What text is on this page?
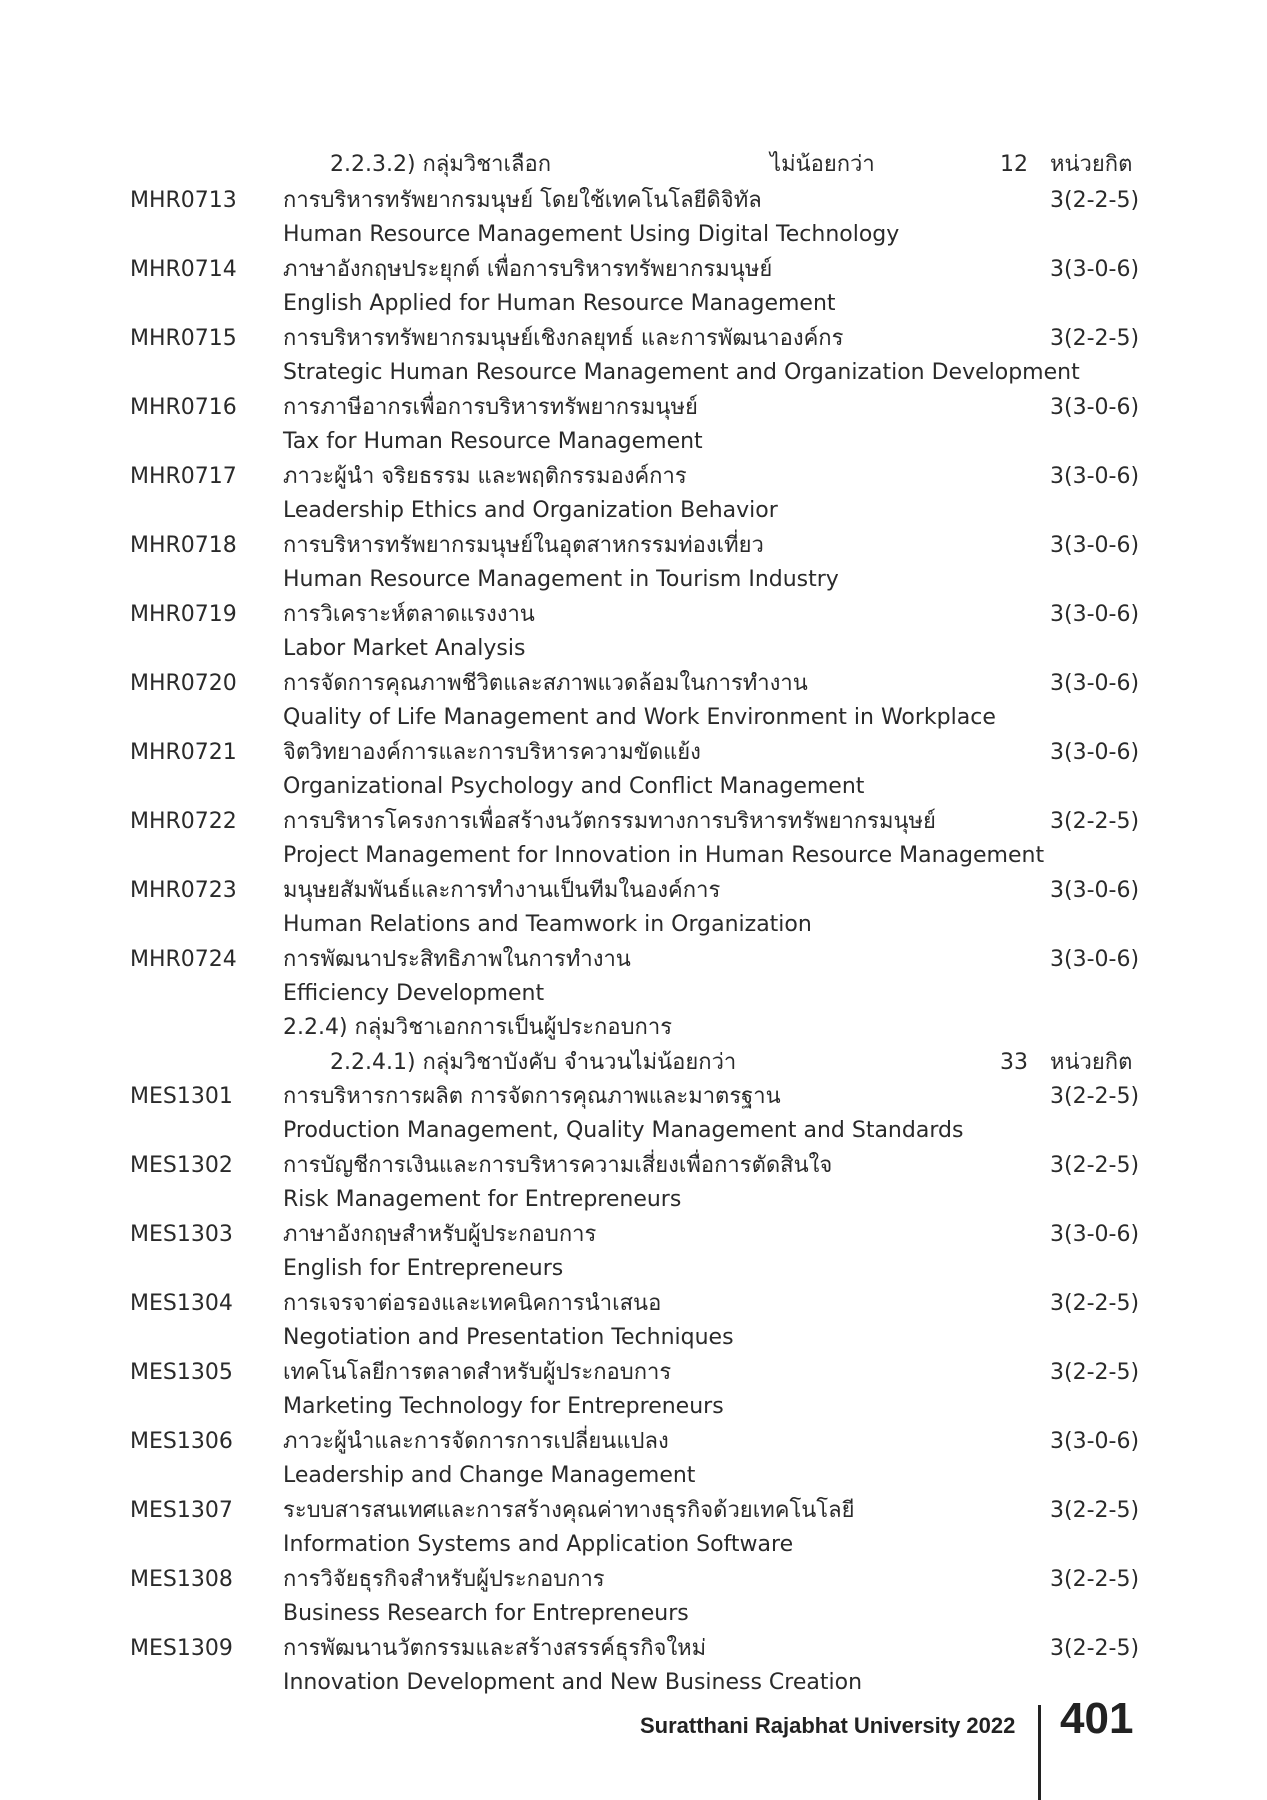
2.2.3.2) กลุ่มวิชาเลือก	ไม่น้อยกว่า	12 หน่วยกิต
MHR0713 การบริหารทรัพยากรมนุษย์ โดยใช้เทคโนโลยีดิจิทัล	3(2-2-5)
Human Resource Management Using Digital Technology
MHR0714 ภาษาอังกฤษประยุกต์ เพื่อการบริหารทรัพยากรมนุษย์	3(3-0-6)
English Applied for Human Resource Management
MHR0715 การบริหารทรัพยากรมนุษย์เชิงกลยุทธ์ และการพัฒนาองค์กร	3(2-2-5)
Strategic Human Resource Management and Organization Development
MHR0716 การภาษีอากรเพื่อการบริหารทรัพยากรมนุษย์	3(3-0-6)
Tax for Human Resource Management
MHR0717 ภาวะผู้นำ จริยธรรม และพฤติกรรมองค์การ	3(3-0-6)
Leadership Ethics and Organization Behavior
MHR0718 การบริหารทรัพยากรมนุษย์ในอุตสาหกรรมท่องเที่ยว	3(3-0-6)
Human Resource Management in Tourism Industry
MHR0719 การวิเคราะห์ตลาดแรงงาน	3(3-0-6)
Labor Market Analysis
MHR0720 การจัดการคุณภาพชีวิตและสภาพแวดล้อมในการทำงาน	3(3-0-6)
Quality of Life Management and Work Environment in Workplace
MHR0721 จิตวิทยาองค์การและการบริหารความขัดแย้ง	3(3-0-6)
Organizational Psychology and Conflict Management
MHR0722 การบริหารโครงการเพื่อสร้างนวัตกรรมทางการบริหารทรัพยากรมนุษย์	3(2-2-5)
Project Management for Innovation in Human Resource Management
MHR0723 มนุษยสัมพันธ์และการทำงานเป็นทีมในองค์การ	3(3-0-6)
Human Relations and Teamwork in Organization
MHR0724 การพัฒนาประสิทธิภาพในการทำงาน	3(3-0-6)
Efficiency Development
2.2.4) กลุ่มวิชาเอกการเป็นผู้ประกอบการ
2.2.4.1) กลุ่มวิชาบังคับ จำนวนไม่น้อยกว่า	33 หน่วยกิต
MES1301 การบริหารการผลิต การจัดการคุณภาพและมาตรฐาน	3(2-2-5)
Production Management, Quality Management and Standards
MES1302 การบัญชีการเงินและการบริหารความเสี่ยงเพื่อการตัดสินใจ	3(2-2-5)
Risk Management for Entrepreneurs
MES1303 ภาษาอังกฤษสำหรับผู้ประกอบการ	3(3-0-6)
English for Entrepreneurs
MES1304 การเจรจาต่อรองและเทคนิคการนำเสนอ	3(2-2-5)
Negotiation and Presentation Techniques
MES1305 เทคโนโลยีการตลาดสำหรับผู้ประกอบการ	3(2-2-5)
Marketing Technology for Entrepreneurs
MES1306 ภาวะผู้นำและการจัดการการเปลี่ยนแปลง	3(3-0-6)
Leadership and Change Management
MES1307 ระบบสารสนเทศและการสร้างคุณค่าทางธุรกิจด้วยเทคโนโลยี	3(2-2-5)
Information Systems and Application Software
MES1308 การวิจัยธุรกิจสำหรับผู้ประกอบการ	3(2-2-5)
Business Research for Entrepreneurs
MES1309 การพัฒนานวัตกรรมและสร้างสรรค์ธุรกิจใหม่	3(2-2-5)
Innovation Development and New Business Creation
Suratthani Rajabhat University 2022 401
